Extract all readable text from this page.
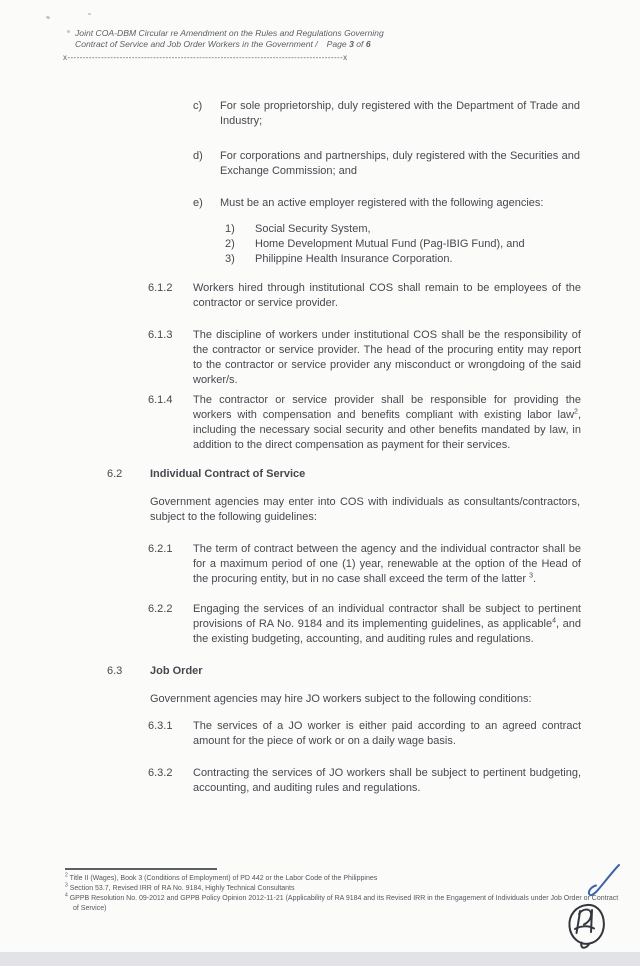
Joint COA-DBM Circular re Amendment on the Rules and Regulations Governing
Contract of Service and Job Order Workers in the Government / Page 3 of 6
x------------------------------------------------------------------------------------------x
c)	For sole proprietorship, duly registered with the Department of Trade and Industry;
d)	For corporations and partnerships, duly registered with the Securities and Exchange Commission; and
e)	Must be an active employer registered with the following agencies:
1)	Social Security System,
2)	Home Development Mutual Fund (Pag-IBIG Fund), and
3)	Philippine Health Insurance Corporation.
6.1.2	Workers hired through institutional COS shall remain to be employees of the contractor or service provider.
6.1.3	The discipline of workers under institutional COS shall be the responsibility of the contractor or service provider. The head of the procuring entity may report to the contractor or service provider any misconduct or wrongdoing of the said worker/s.
6.1.4	The contractor or service provider shall be responsible for providing the workers with compensation and benefits compliant with existing labor law$^2$, including the necessary social security and other benefits mandated by law, in addition to the direct compensation as payment for their services.
6.2	Individual Contract of Service
Government agencies may enter into COS with individuals as consultants/contractors, subject to the following guidelines:
6.2.1	The term of contract between the agency and the individual contractor shall be for a maximum period of one (1) year, renewable at the option of the Head of the procuring entity, but in no case shall exceed the term of the latter $^3$.
6.2.2	Engaging the services of an individual contractor shall be subject to pertinent provisions of RA No. 9184 and its implementing guidelines, as applicable$^4$, and the existing budgeting, accounting, and auditing rules and regulations.
6.3	Job Order
Government agencies may hire JO workers subject to the following conditions:
6.3.1	The services of a JO worker is either paid according to an agreed contract amount for the piece of work or on a daily wage basis.
6.3.2	Contracting the services of JO workers shall be subject to pertinent budgeting, accounting, and auditing rules and regulations.
$^2$ Title II (Wages), Book 3 (Conditions of Employment) of PD 442 or the Labor Code of the Philippines
$^3$ Section 53.7, Revised IRR of RA No. 9184, Highly Technical Consultants
$^4$ GPPB Resolution No. 09-2012 and GPPB Policy Opinion 2012-11-21 (Applicability of RA 9184 and its Revised IRR in the Engagement of Individuals under Job Order or Contract of Service)
